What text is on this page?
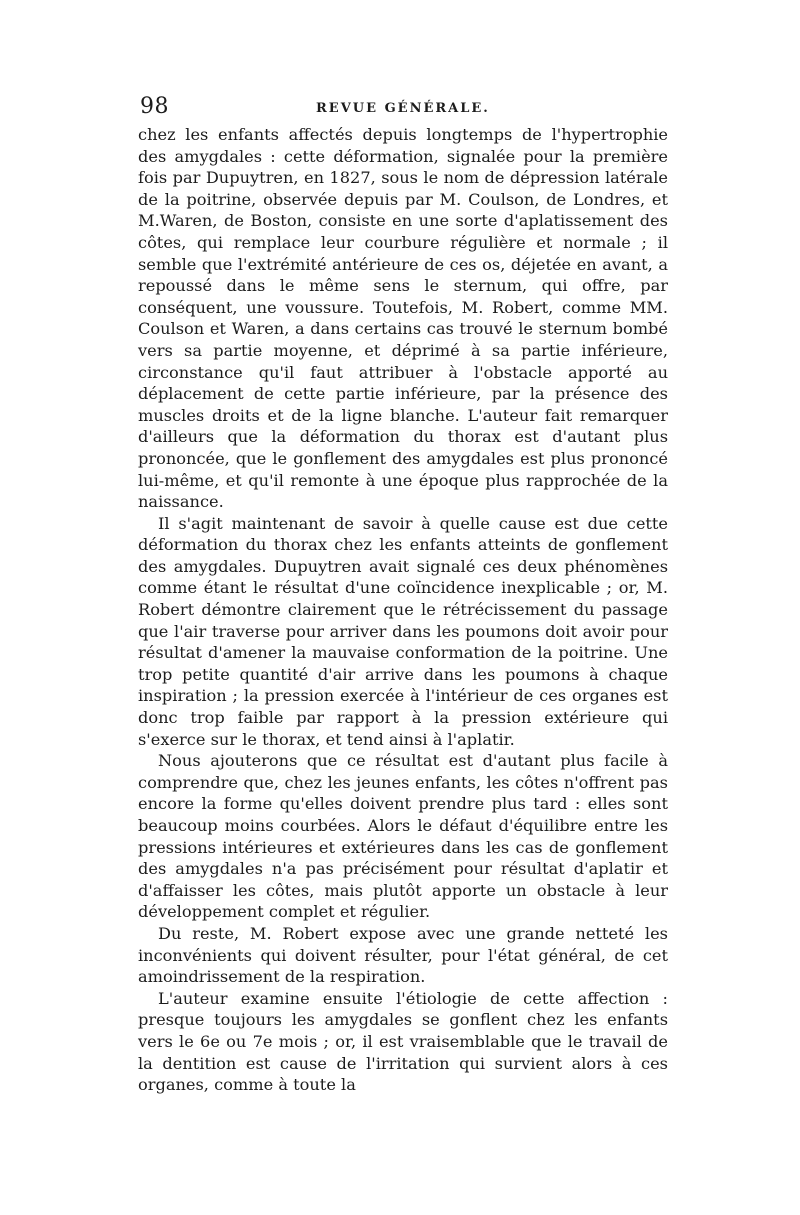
98	REVUE GÉNÉRALE.

chez les enfants affectés depuis longtemps de l'hypertrophie des amygdales : cette déformation, signalée pour la première fois par Dupuytren, en 1827, sous le nom de dépression latérale de la poitrine, observée depuis par M. Coulson, de Londres, et M.Waren, de Boston, consiste en une sorte d'aplatissement des côtes, qui remplace leur courbure régulière et normale ; il semble que l'extrémité antérieure de ces os, déjetée en avant, a repoussé dans le même sens le sternum, qui offre, par conséquent, une voussure. Toutefois, M. Robert, comme MM. Coulson et Waren, a dans certains cas trouvé le sternum bombé vers sa partie moyenne, et déprimé à sa partie inférieure, circonstance qu'il faut attribuer à l'obstacle apporté au déplacement de cette partie inférieure, par la présence des muscles droits et de la ligne blanche. L'auteur fait remarquer d'ailleurs que la déformation du thorax est d'autant plus prononcée, que le gonflement des amygdales est plus prononcé lui-même, et qu'il remonte à une époque plus rapprochée de la naissance.

Il s'agit maintenant de savoir à quelle cause est due cette déformation du thorax chez les enfants atteints de gonflement des amygdales. Dupuytren avait signalé ces deux phénomènes comme étant le résultat d'une coïncidence inexplicable ; or, M. Robert démontre clairement que le rétrécissement du passage que l'air traverse pour arriver dans les poumons doit avoir pour résultat d'amener la mauvaise conformation de la poitrine. Une trop petite quantité d'air arrive dans les poumons à chaque inspiration ; la pression exercée à l'intérieur de ces organes est donc trop faible par rapport à la pression extérieure qui s'exerce sur le thorax, et tend ainsi à l'aplatir.

Nous ajouterons que ce résultat est d'autant plus facile à comprendre que, chez les jeunes enfants, les côtes n'offrent pas encore la forme qu'elles doivent prendre plus tard : elles sont beaucoup moins courbées. Alors le défaut d'équilibre entre les pressions intérieures et extérieures dans les cas de gonflement des amygdales n'a pas précisément pour résultat d'aplatir et d'affaisser les côtes, mais plutôt apporte un obstacle à leur développement complet et régulier.

Du reste, M. Robert expose avec une grande netteté les inconvénients qui doivent résulter, pour l'état général, de cet amoindrissement de la respiration.

L'auteur examine ensuite l'étiologie de cette affection : presque toujours les amygdales se gonflent chez les enfants vers le 6e ou 7e mois ; or, il est vraisemblable que le travail de la dentition est cause de l'irritation qui survient alors à ces organes, comme à toute la
